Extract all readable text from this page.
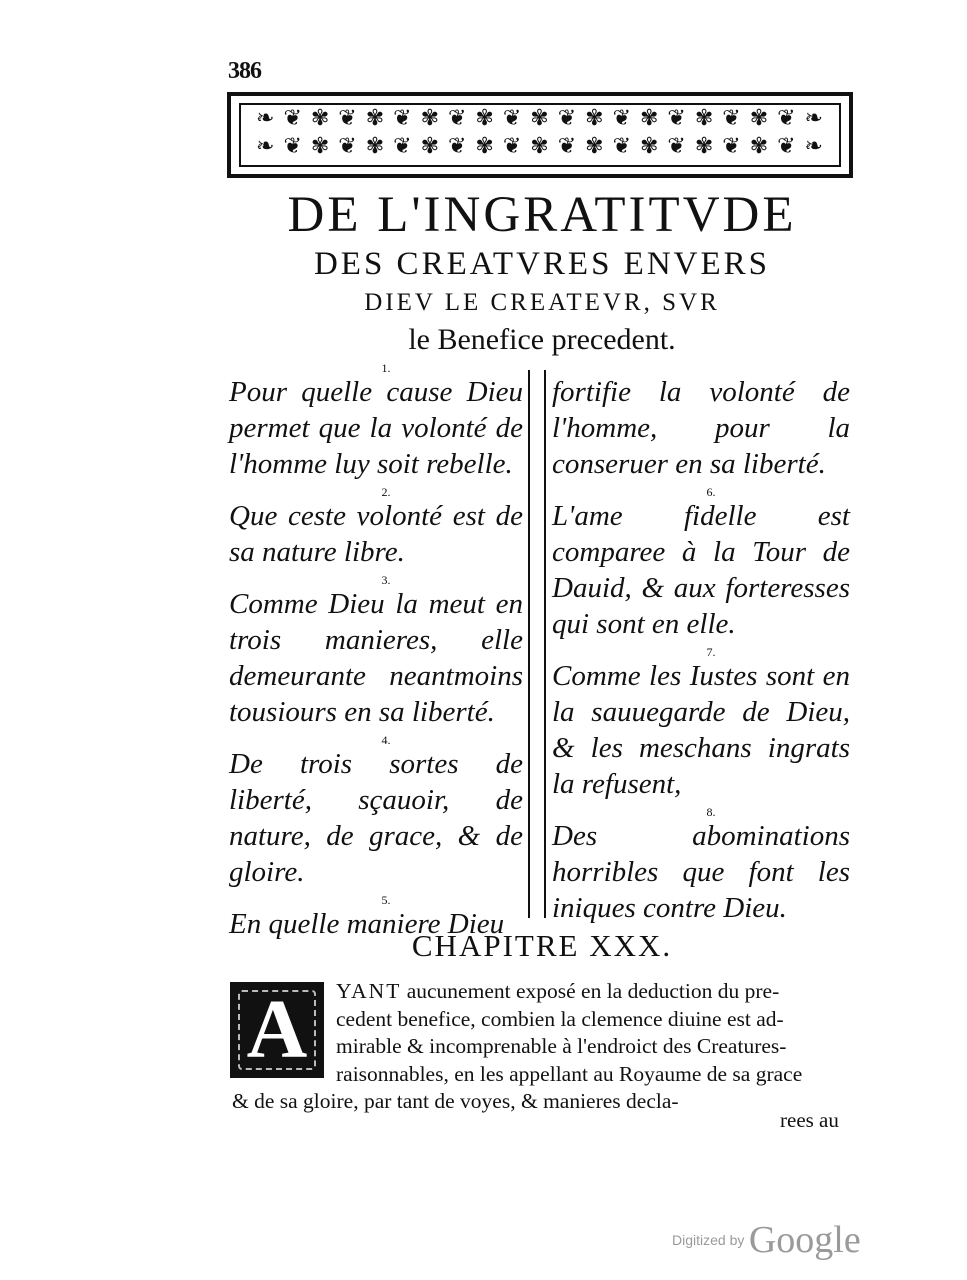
386
❧ ❦ ✾ ❦ ✾ ❦ ✾ ❦ ✾ ❦ ✾ ❦ ✾ ❦ ✾ ❦ ✾ ❦ ✾ ❦ ❧
❧ ❦ ✾ ❦ ✾ ❦ ✾ ❦ ✾ ❦ ✾ ❦ ✾ ❦ ✾ ❦ ✾ ❦ ✾ ❦ ❧
DE L'INGRATITVDE
DES CREATVRES ENVERS
DIEV LE CREATEVR, SVR
le Benefice precedent.
1.
Pour quelle cause Dieu permet que la volonté de l'homme luy soit rebelle.
2.
Que ceste volonté est de sa nature libre.
3.
Comme Dieu la meut en trois manieres, elle demeurante neantmoins tousiours en sa liberté.
4.
De trois sortes de liberté, sçauoir, de nature, de grace, & de gloire.
5.
En quelle maniere Dieu
fortifie la volonté de l'homme, pour la conseruer en sa liberté.
6.
L'ame fidelle est comparee à la Tour de Dauid, & aux forteresses qui sont en elle.
7.
Comme les Iustes sont en la sauuegarde de Dieu, & les meschans ingrats la refusent,
8.
Des abominations horribles que font les iniques contre Dieu.
CHAPITRE XXX.
A	YANT aucunement exposé en la deduction du pre-
cedent benefice, combien la clemence diuine est ad-
mirable & incomprenable à l'endroict des Creatures-
raisonnables, en les appellant au Royaume de sa grace
& de sa gloire, par tant de voyes, & manieres decla-
rees au
Digitized by Google
